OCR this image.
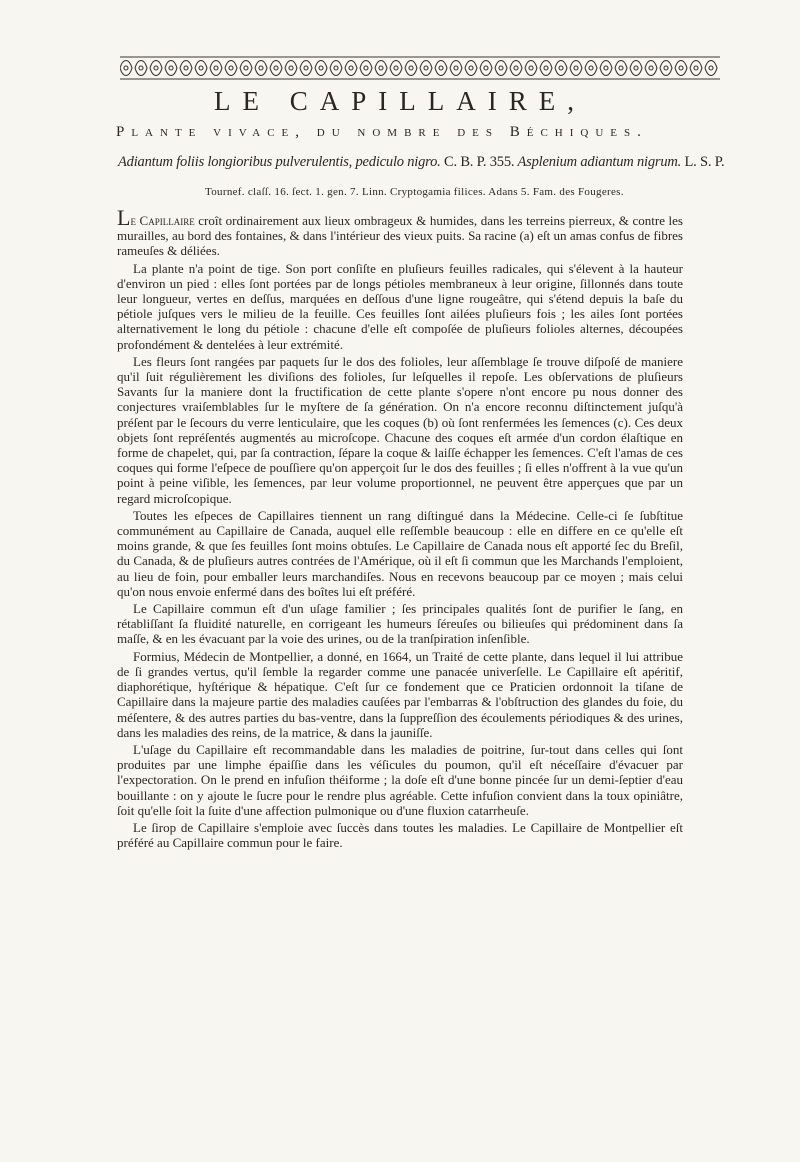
LE CAPILLAIRE,
Plante vivace, du nombre des Béchiques.
Adiantum foliis longioribus pulverulentis, pediculo nigro. C. B. P. 355. Asplenium adiantum nigrum. L. S. P.
Tournef. claſſ. 16. ſect. 1. gen. 7. Linn. Cryptogamia filices. Adans 5. Fam. des Fougeres.

Le Capillaire croît ordinairement aux lieux ombrageux & humides, dans les terreins pierreux, & contre les murailles, au bord des fontaines, & dans l'intérieur des vieux puits. Sa racine (a) eſt un amas confus de fibres rameuſes & déliées.

La plante n'a point de tige. Son port conſiſte en pluſieurs feuilles radicales, qui s'élevent à la hauteur d'environ un pied : elles ſont portées par de longs pétioles membraneux à leur origine, ſillonnés dans toute leur longueur, vertes en deſſus, marquées en deſſous d'une ligne rougeâtre, qui s'étend depuis la baſe du pétiole juſques vers le milieu de la feuille. Ces feuilles ſont ailées pluſieurs fois ; les ailes ſont portées alternativement le long du pétiole : chacune d'elle eſt compoſée de pluſieurs folioles alternes, découpées profondément & dentelées à leur extrémité.

Les fleurs ſont rangées par paquets ſur le dos des folioles, leur aſſemblage ſe trouve diſpoſé de maniere qu'il ſuit régulièrement les diviſions des folioles, ſur leſquelles il repoſe. Les obſervations de pluſieurs Savants ſur la maniere dont la fructification de cette plante s'opere n'ont encore pu nous donner des conjectures vraiſemblables ſur le myſtere de ſa génération. On n'a encore reconnu diſtinctement juſqu'à préſent par le ſecours du verre lenticulaire, que les coques (b) où ſont renfermées les ſemences (c). Ces deux objets ſont repréſentés augmentés au microſcope. Chacune des coques eſt armée d'un cordon élaſtique en forme de chapelet, qui, par ſa contraction, ſépare la coque & laiſſe échapper les ſemences. C'eſt l'amas de ces coques qui forme l'eſpece de pouſſiere qu'on apperçoit ſur le dos des feuilles ; ſi elles n'offrent à la vue qu'un point à peine viſible, les ſemences, par leur volume proportionnel, ne peuvent être apperçues que par un regard microſcopique.

Toutes les eſpeces de Capillaires tiennent un rang diſtingué dans la Médecine. Celle-ci ſe ſubſtitue communément au Capillaire de Canada, auquel elle reſſemble beaucoup : elle en differe en ce qu'elle eſt moins grande, & que ſes feuilles ſont moins obtuſes. Le Capillaire de Canada nous eſt apporté ſec du Breſil, du Canada, & de pluſieurs autres contrées de l'Amérique, où il eſt ſi commun que les Marchands l'emploient, au lieu de foin, pour emballer leurs marchandiſes. Nous en recevons beaucoup par ce moyen ; mais celui qu'on nous envoie enfermé dans des boîtes lui eſt préféré.

Le Capillaire commun eſt d'un uſage familier ; ſes principales qualités ſont de purifier le ſang, en rétabliſſant ſa fluidité naturelle, en corrigeant les humeurs ſéreuſes ou bilieuſes qui prédominent dans ſa maſſe, & en les évacuant par la voie des urines, ou de la tranſpiration inſenſible.

Formius, Médecin de Montpellier, a donné, en 1664, un Traité de cette plante, dans lequel il lui attribue de ſi grandes vertus, qu'il ſemble la regarder comme une panacée univerſelle. Le Capillaire eſt apéritif, diaphorétique, hyſtérique & hépatique. C'eſt ſur ce fondement que ce Praticien ordonnoit la tiſane de Capillaire dans la majeure partie des maladies cauſées par l'embarras & l'obſtruction des glandes du foie, du méſentere, & des autres parties du bas-ventre, dans la ſuppreſſion des écoulements périodiques & des urines, dans les maladies des reins, de la matrice, & dans la jauniſſe.

L'uſage du Capillaire eſt recommandable dans les maladies de poitrine, ſur-tout dans celles qui ſont produites par une limphe épaiſſie dans les véſicules du poumon, qu'il eſt néceſſaire d'évacuer par l'expectoration. On le prend en infuſion théiforme ; la doſe eſt d'une bonne pincée ſur un demi-ſeptier d'eau bouillante : on y ajoute le ſucre pour le rendre plus agréable. Cette infuſion convient dans la toux opiniâtre, ſoit qu'elle ſoit la ſuite d'une affection pulmonique ou d'une fluxion catarrheuſe.

Le ſirop de Capillaire s'emploie avec ſuccès dans toutes les maladies. Le Capillaire de Montpellier eſt préféré au Capillaire commun pour le faire.
